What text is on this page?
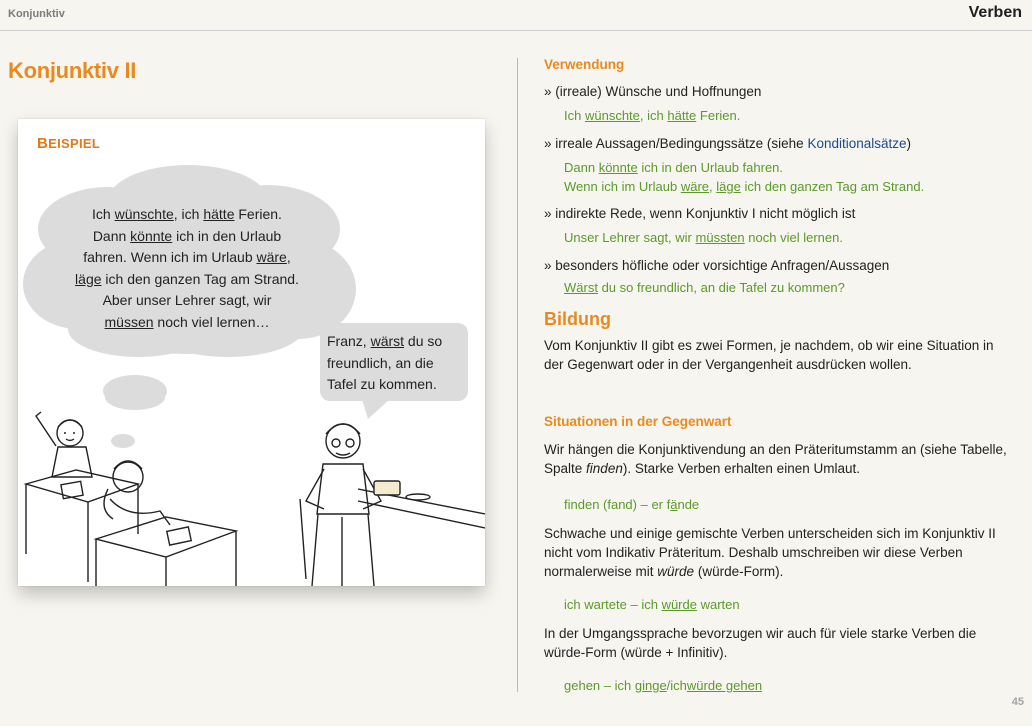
Konjunktiv	Verben
Konjunktiv II
BEISPIEL
Ich wünschte, ich hätte Ferien.
Dann könnte ich in den Urlaub
fahren. Wenn ich im Urlaub wäre,
läge ich den ganzen Tag am Strand.
Aber unser Lehrer sagt, wir
müssen noch viel lernen…
Franz, wärst du so
freundlich, an die
Tafel zu kommen.
Verwendung
» (irreale) Wünsche und Hoffnungen
Ich wünschte, ich hätte Ferien.
» irreale Aussagen/Bedingungssätze (siehe Konditionalsätze)
Dann könnte ich in den Urlaub fahren.
Wenn ich im Urlaub wäre, läge ich den ganzen Tag am Strand.
» indirekte Rede, wenn Konjunktiv I nicht möglich ist
Unser Lehrer sagt, wir müssten noch viel lernen.
» besonders höfliche oder vorsichtige Anfragen/Aussagen
Wärst du so freundlich, an die Tafel zu kommen?
Bildung
Vom Konjunktiv II gibt es zwei Formen, je nachdem, ob wir eine Situation in der Gegenwart oder in der Vergangenheit ausdrücken wollen.
Situationen in der Gegenwart
Wir hängen die Konjunktivendung an den Präteritumstamm an (siehe Tabelle, Spalte finden). Starke Verben erhalten einen Umlaut.
finden (fand) – er fände
Schwache und einige gemischte Verben unterscheiden sich im Konjunktiv II nicht vom Indikativ Präteritum. Deshalb umschreiben wir diese Verben normalerweise mit würde (würde-Form).
ich wartete – ich würde warten
In der Umgangssprache bevorzugen wir auch für viele starke Verben die würde-Form (würde + Infinitiv).
gehen – ich ginge/ichwürde gehen
45
